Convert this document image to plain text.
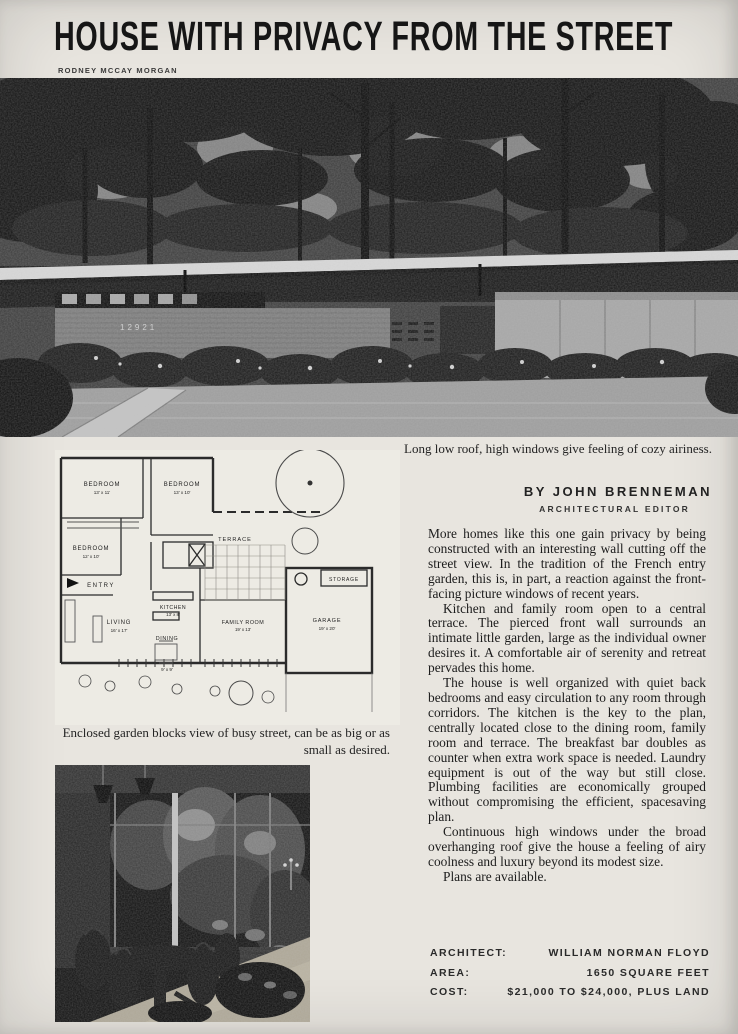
HOUSE WITH PRIVACY FROM THE STREET
RODNEY MCCAY MORGAN
Long low roof, high windows give feeling of cozy airiness.
BEDROOM
13' x 11'
BEDROOM
13' x 10'
BEDROOM
12' x 10'
ENTRY
LIVING
16' x 17'
KITCHEN
13' x 8'
DINING
9' x 9'
FAMILY ROOM
19' x 13'
TERRACE
STORAGE
GARAGE
19' x 20'
Enclosed garden blocks view of busy street, can be as big or as small as desired.
BY JOHN BRENNEMAN
ARCHITECTURAL EDITOR

More homes like this one gain privacy by being constructed with an interesting wall cutting off the street view. In the tradition of the French entry garden, this is, in part, a reaction against the front-facing picture windows of recent years.

Kitchen and family room open to a central terrace. The pierced front wall surrounds an intimate little garden, large as the individual owner desires it. A comfortable air of serenity and retreat pervades this home.

The house is well organized with quiet back bedrooms and easy circulation to any room through corridors. The kitchen is the key to the plan, centrally located close to the dining room, family room and terrace. The breakfast bar doubles as counter when extra work space is needed. Laundry equipment is out of the way but still close. Plumbing facilities are economically grouped without compromising the efficient, spacesaving plan.

Continuous high windows under the broad overhanging roof give the house a feeling of airy coolness and luxury beyond its modest size.

Plans are available.

ARCHITECT:	WILLIAM NORMAN FLOYD
AREA:	1650 SQUARE FEET
COST:	$21,000 TO $24,000, PLUS LAND
